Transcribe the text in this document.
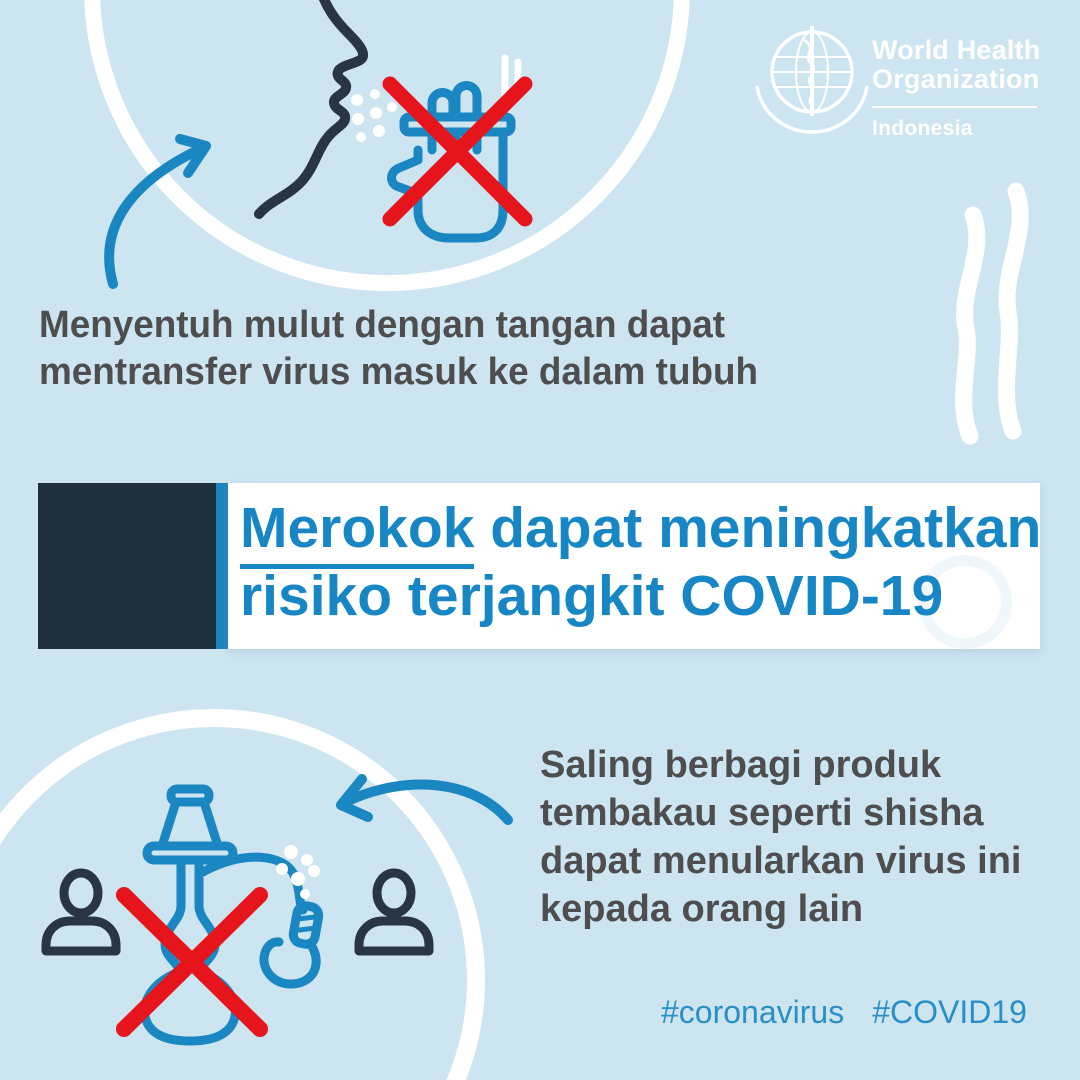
World Health
Organization
Indonesia
Menyentuh mulut dengan tangan dapat
mentransfer virus masuk ke dalam tubuh
Merokok dapat meningkatkan
risiko terjangkit COVID-19
Saling berbagi produk
tembakau seperti shisha
dapat menularkan virus ini
kepada orang lain
#coronavirus #COVID19
